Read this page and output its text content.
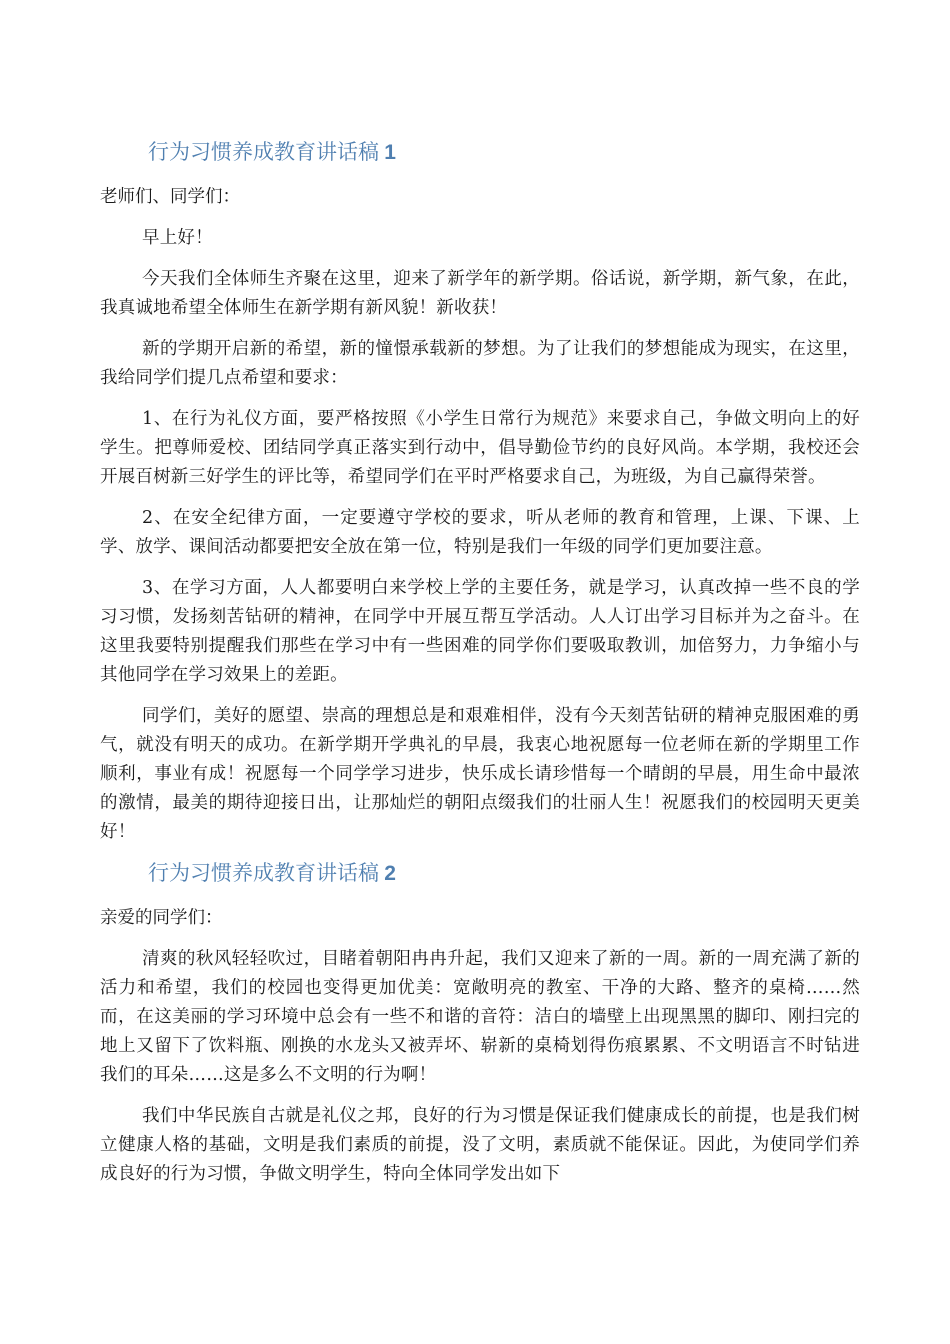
行为习惯养成教育讲话稿 1

老师们、同学们：

早上好！

今天我们全体师生齐聚在这里，迎来了新学年的新学期。俗话说，新学期，新气象，在此，我真诚地希望全体师生在新学期有新风貌！新收获！

新的学期开启新的希望，新的憧憬承载新的梦想。为了让我们的梦想能成为现实，在这里，我给同学们提几点希望和要求：

1、在行为礼仪方面，要严格按照《小学生日常行为规范》来要求自己，争做文明向上的好学生。把尊师爱校、团结同学真正落实到行动中，倡导勤俭节约的良好风尚。本学期，我校还会开展百树新三好学生的评比等，希望同学们在平时严格要求自己，为班级，为自己赢得荣誉。

2、在安全纪律方面，一定要遵守学校的要求，听从老师的教育和管理，上课、下课、上学、放学、课间活动都要把安全放在第一位，特别是我们一年级的同学们更加要注意。

3、在学习方面，人人都要明白来学校上学的主要任务，就是学习，认真改掉一些不良的学习习惯，发扬刻苦钻研的精神，在同学中开展互帮互学活动。人人订出学习目标并为之奋斗。在这里我要特别提醒我们那些在学习中有一些困难的同学你们要吸取教训，加倍努力，力争缩小与其他同学在学习效果上的差距。

同学们，美好的愿望、崇高的理想总是和艰难相伴，没有今天刻苦钻研的精神克服困难的勇气，就没有明天的成功。在新学期开学典礼的早晨，我衷心地祝愿每一位老师在新的学期里工作顺利，事业有成！祝愿每一个同学学习进步，快乐成长请珍惜每一个晴朗的早晨，用生命中最浓的激情，最美的期待迎接日出，让那灿烂的朝阳点缀我们的壮丽人生！祝愿我们的校园明天更美好！

行为习惯养成教育讲话稿 2

亲爱的同学们：

清爽的秋风轻轻吹过，目睹着朝阳冉冉升起，我们又迎来了新的一周。新的一周充满了新的活力和希望，我们的校园也变得更加优美：宽敞明亮的教室、干净的大路、整齐的桌椅……然而，在这美丽的学习环境中总会有一些不和谐的音符：洁白的墙壁上出现黑黑的脚印、刚扫完的地上又留下了饮料瓶、刚换的水龙头又被弄坏、崭新的桌椅划得伤痕累累、不文明语言不时钻进我们的耳朵……这是多么不文明的行为啊！

我们中华民族自古就是礼仪之邦，良好的行为习惯是保证我们健康成长的前提，也是我们树立健康人格的基础，文明是我们素质的前提，没了文明，素质就不能保证。因此，为使同学们养成良好的行为习惯，争做文明学生，特向全体同学发出如下
